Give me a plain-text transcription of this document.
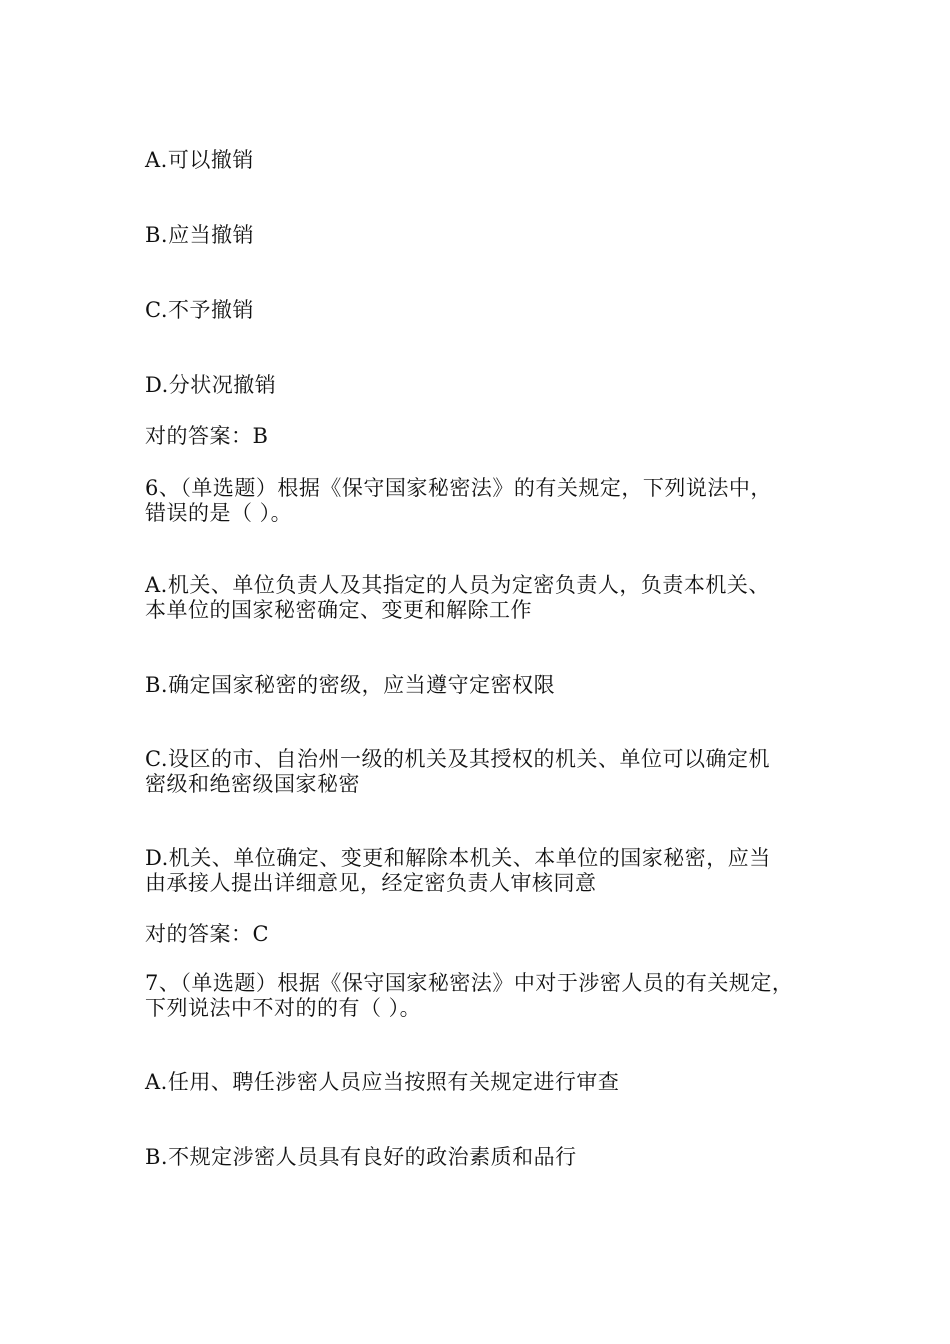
A.可以撤销
B.应当撤销
C.不予撤销
D.分状况撤销
对的答案：B
6、（单选题）根据《保守国家秘密法》的有关规定，下列说法中，
错误的是（ ）。
A.机关、单位负责人及其指定的人员为定密负责人，负责本机关、
本单位的国家秘密确定、变更和解除工作
B.确定国家秘密的密级，应当遵守定密权限
C.设区的市、自治州一级的机关及其授权的机关、单位可以确定机
密级和绝密级国家秘密
D.机关、单位确定、变更和解除本机关、本单位的国家秘密，应当
由承接人提出详细意见，经定密负责人审核同意
对的答案：C
7、（单选题）根据《保守国家秘密法》中对于涉密人员的有关规定，
下列说法中不对的的有（ ）。
A.任用、聘任涉密人员应当按照有关规定进行审查
B.不规定涉密人员具有良好的政治素质和品行
